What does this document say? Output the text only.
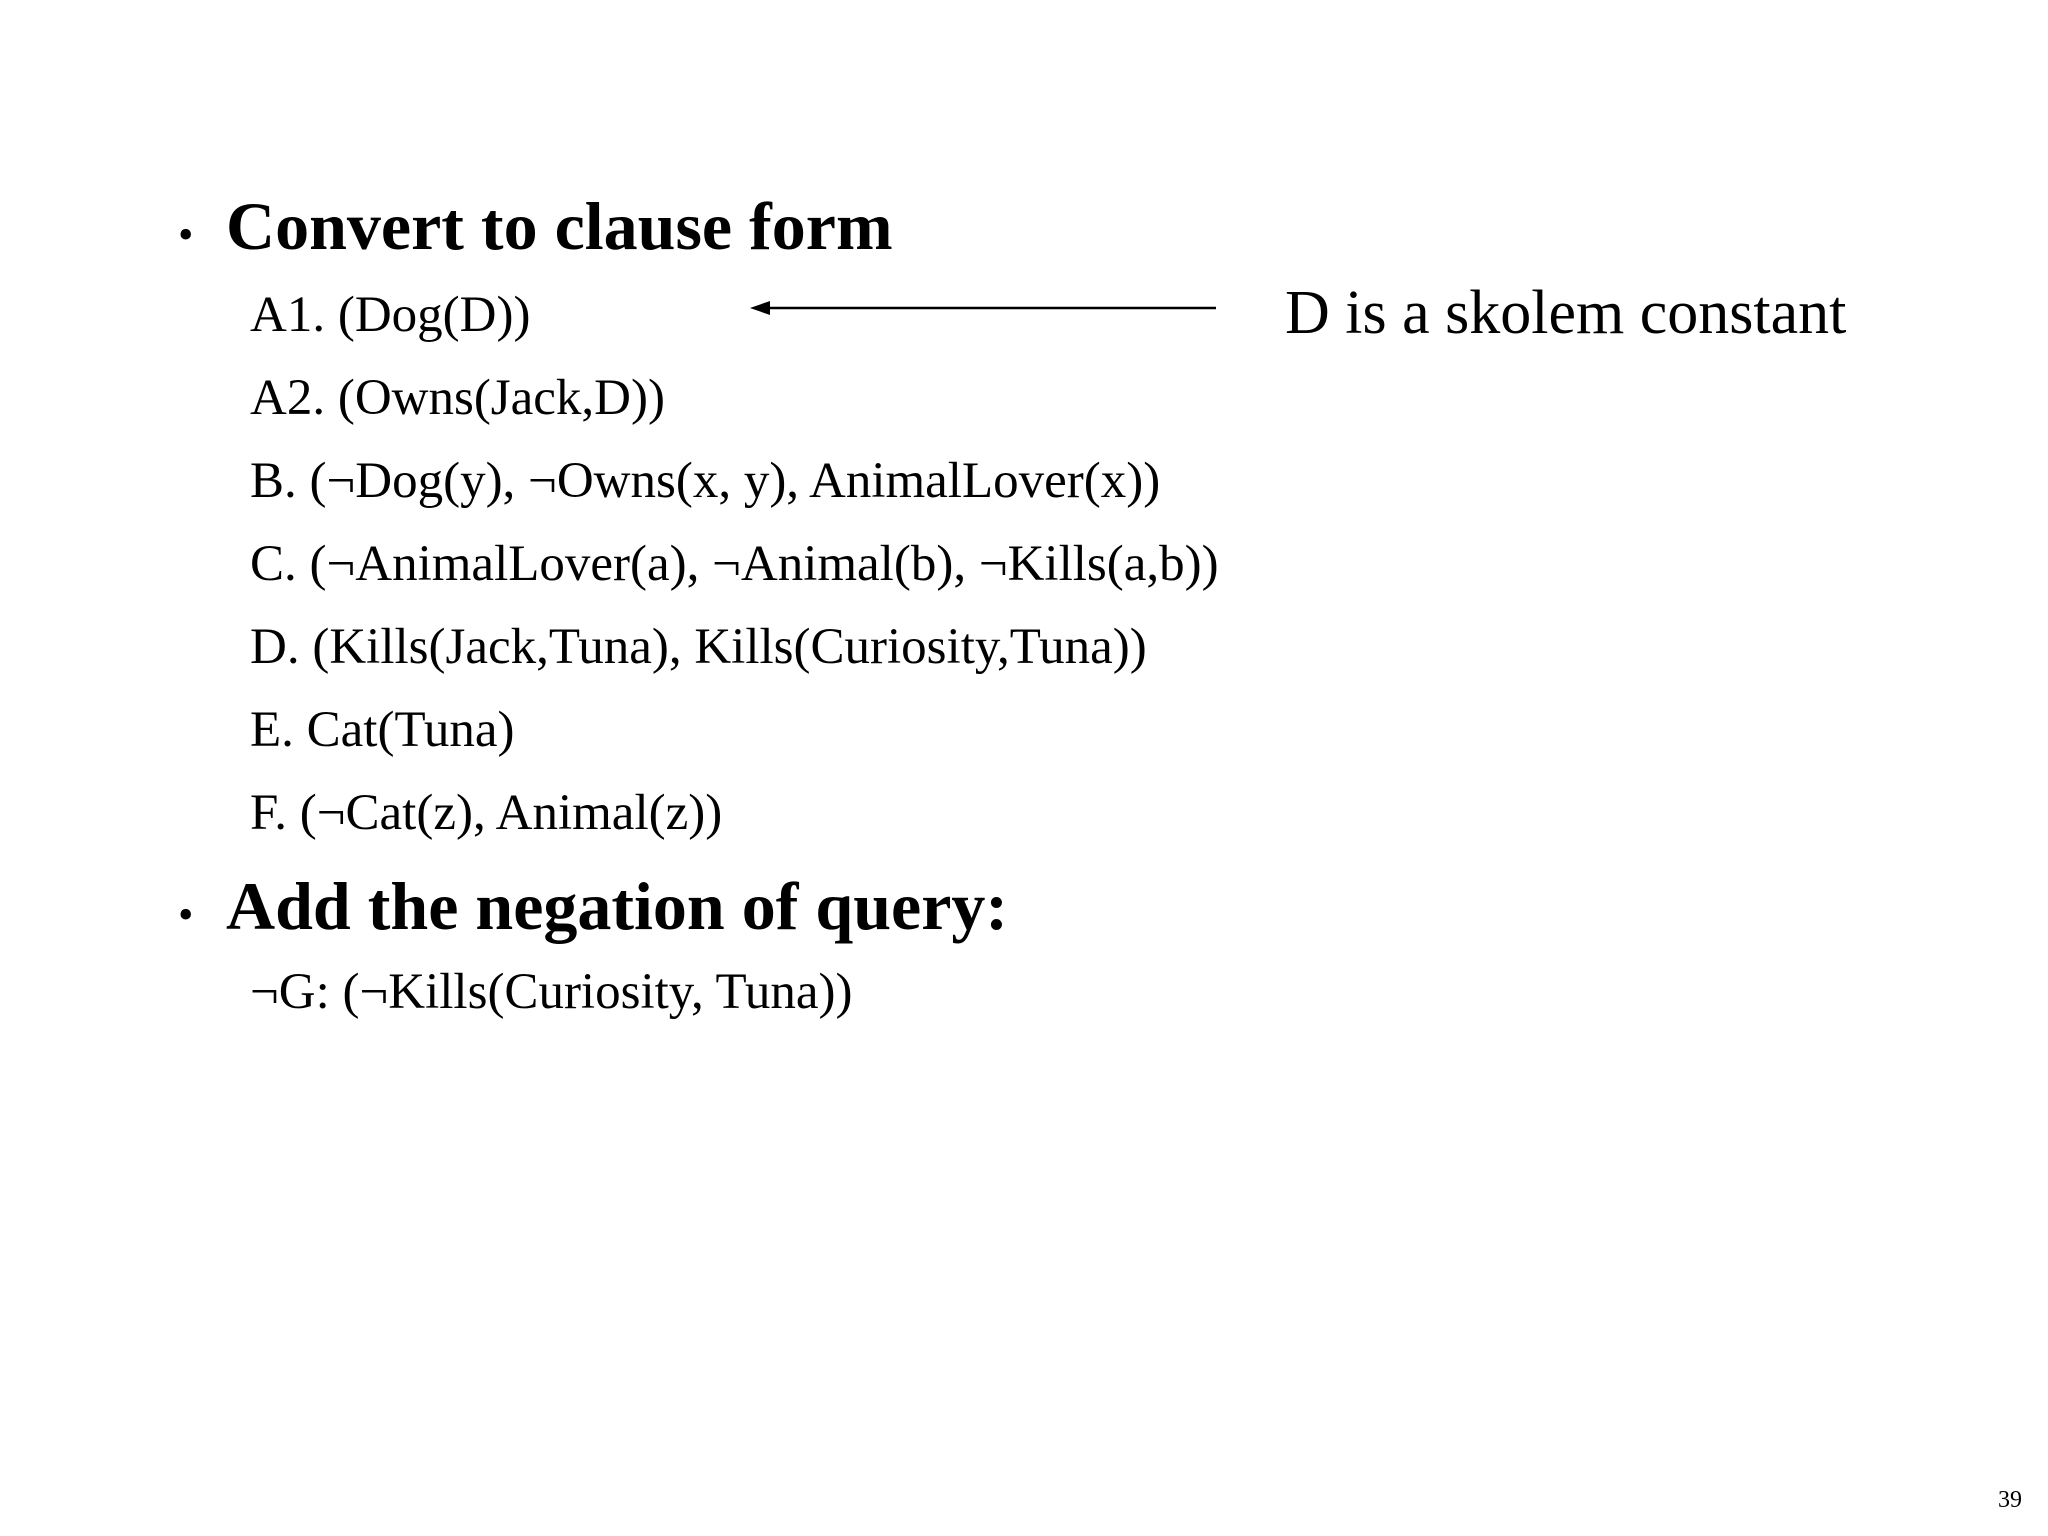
• Convert to clause form
A1. (Dog(D))	D is a skolem constant
A2. (Owns(Jack,D))
B. (¬Dog(y), ¬Owns(x, y), AnimalLover(x))
C. (¬AnimalLover(a), ¬Animal(b), ¬Kills(a,b))
D. (Kills(Jack,Tuna), Kills(Curiosity,Tuna))
E. Cat(Tuna)
F. (¬Cat(z), Animal(z))
• Add the negation of query:
¬G: (¬Kills(Curiosity, Tuna))
39
